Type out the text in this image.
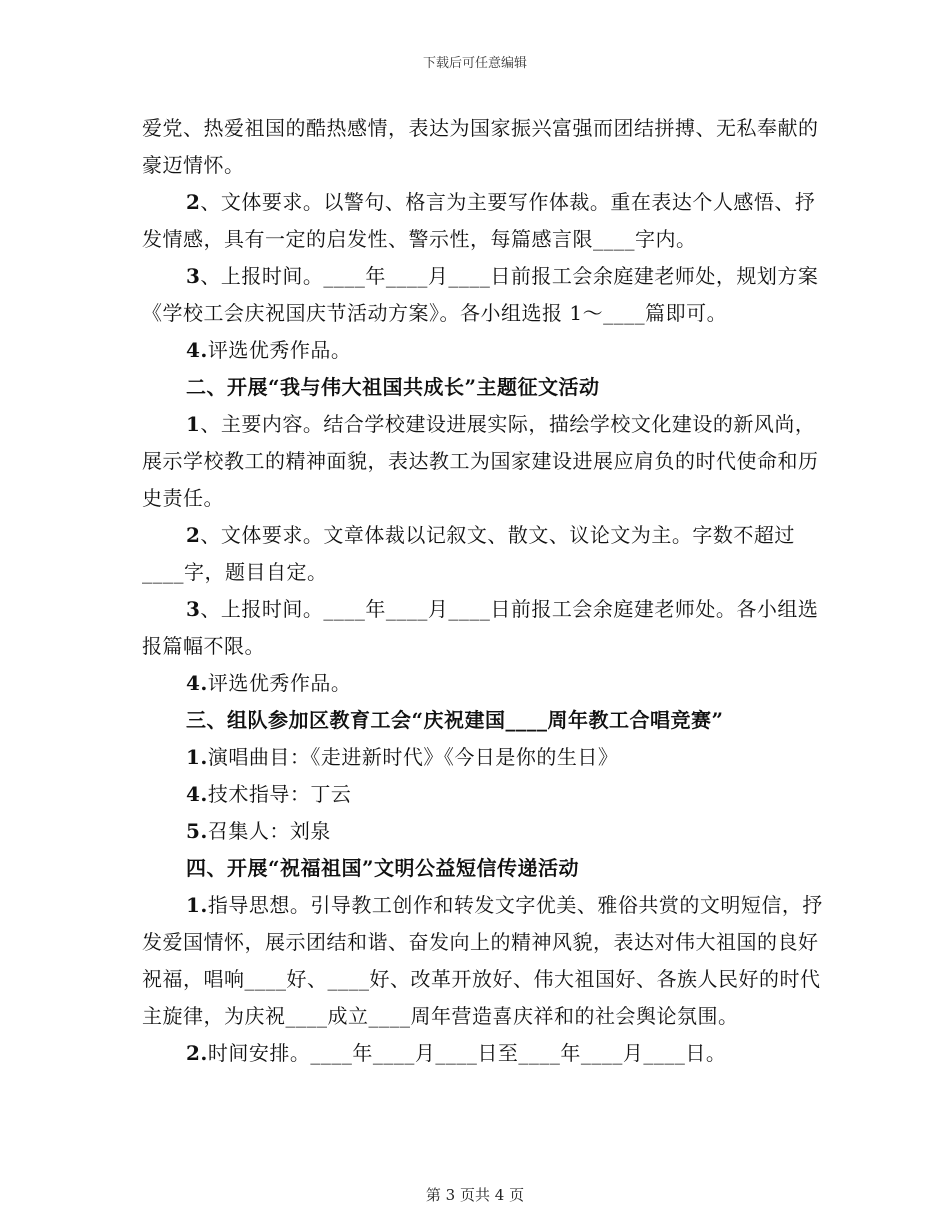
下载后可任意编辑

爱党、热爱祖国的酷热感情，表达为国家振兴富强而团结拼搏、无私奉献的豪迈情怀。

2、文体要求。以警句、格言为主要写作体裁。重在表达个人感悟、抒发情感，具有一定的启发性、警示性，每篇感言限____字内。

3、上报时间。____年____月____日前报工会余庭建老师处，规划方案《学校工会庆祝国庆节活动方案》。各小组选报 1～____篇即可。

4.评选优秀作品。

二、开展“我与伟大祖国共成长”主题征文活动

1、主要内容。结合学校建设进展实际，描绘学校文化建设的新风尚，展示学校教工的精神面貌，表达教工为国家建设进展应肩负的时代使命和历史责任。

2、文体要求。文章体裁以记叙文、散文、议论文为主。字数不超过____字，题目自定。

3、上报时间。____年____月____日前报工会余庭建老师处。各小组选报篇幅不限。

4.评选优秀作品。

三、组队参加区教育工会“庆祝建国____周年教工合唱竞赛”

1.演唱曲目：《走进新时代》《今日是你的生日》

4.技术指导：丁云

5.召集人：刘泉

四、开展“祝福祖国”文明公益短信传递活动

1.指导思想。引导教工创作和转发文字优美、雅俗共赏的文明短信，抒发爱国情怀，展示团结和谐、奋发向上的精神风貌，表达对伟大祖国的良好祝福，唱响____好、____好、改革开放好、伟大祖国好、各族人民好的时代主旋律，为庆祝____成立____周年营造喜庆祥和的社会舆论氛围。

2.时间安排。____年____月____日至____年____月____日。

第 3 页共 4 页
